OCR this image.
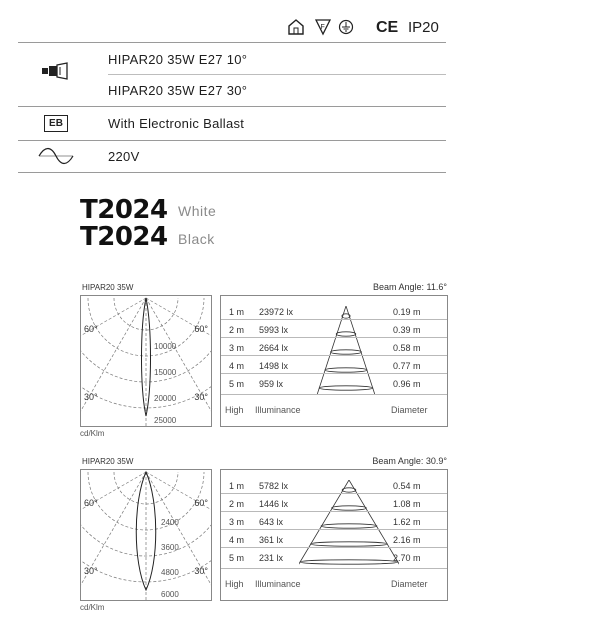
F	CE IP20
HIPAR20 35W E27 10°
HIPAR20 35W E27 30°
EB	With Electronic Ballast
220V
T2024 White
T2024 Black
HIPAR20 35W	Beam Angle: 11.6°
60°	60°
30°	30°
10000
15000
20000
25000
cd/Klm
1 m 23972 lx	0.19 m
2 m 5993 lx	0.39 m
3 m 2664 lx	0.58 m
4 m 1498 lx	0.77 m
5 m 959 lx	0.96 m
High Illuminance	Diameter
HIPAR20 35W	Beam Angle: 30.9°
60°	60°
30°	30°
2400
3600
4800
6000
cd/Klm
1 m 5782 lx	0.54 m
2 m 1446 lx	1.08 m
3 m 643 lx	1.62 m
4 m 361 lx	2.16 m
5 m 231 lx	2.70 m
High Illuminance	Diameter
